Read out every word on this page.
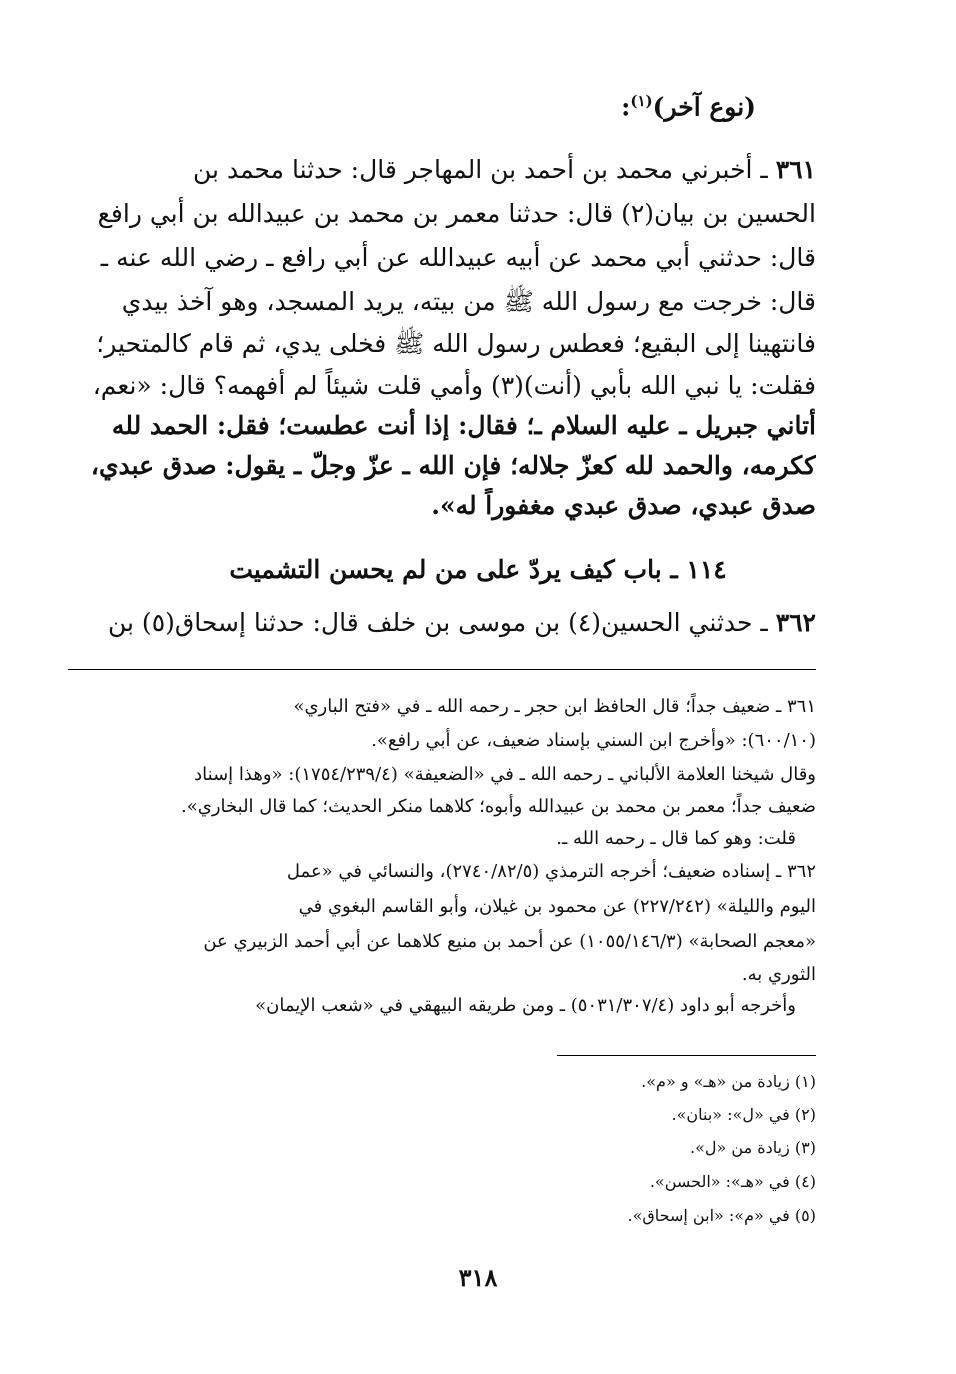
(نوع آخر)$^{(١)}$:
٣٦١ ـ أخبرني محمد بن أحمد بن المهاجر قال: حدثنا محمد بن
الحسين بن بيان(٢) قال: حدثنا معمر بن محمد بن عبيدالله بن أبي رافع
قال: حدثني أبي محمد عن أبيه عبيدالله عن أبي رافع ـ رضي الله عنه ـ
قال: خرجت مع رسول الله ﷺ من بيته، يريد المسجد، وهو آخذ بيدي
فانتهينا إلى البقيع؛ فعطس رسول الله ﷺ فخلى يدي، ثم قام كالمتحير؛
فقلت: يا نبي الله بأبي (أنت)(٣) وأمي قلت شيئاً لم أفهمه؟ قال: «نعم،
أتاني جبريل ـ عليه السلام ـ؛ فقال: إذا أنت عطست؛ فقل: الحمد لله
ككرمه، والحمد لله كعزّ جلاله؛ فإن الله ـ عزّ وجلّ ـ يقول: صدق عبدي،
صدق عبدي، صدق عبدي مغفوراً له».
١١٤ ـ باب كيف يردّ على من لم يحسن التشميت
٣٦٢ ـ حدثني الحسين(٤) بن موسى بن خلف قال: حدثنا إسحاق(٥) بن
٣٦١ ـ ضعيف جداً؛ قال الحافظ ابن حجر ـ رحمه الله ـ في «فتح الباري»
(٦٠٠/١٠): «وأخرج ابن السني بإسناد ضعيف، عن أبي رافع».
وقال شيخنا العلامة الألباني ـ رحمه الله ـ في «الضعيفة» (١٧٥٤/٢٣٩/٤): «وهذا إسناد
ضعيف جداً؛ معمر بن محمد بن عبيدالله وأبوه؛ كلاهما منكر الحديث؛ كما قال البخاري».
قلت: وهو كما قال ـ رحمه الله ـ.
٣٦٢ ـ إسناده ضعيف؛ أخرجه الترمذي (٢٧٤٠/٨٢/٥)، والنسائي في «عمل
اليوم والليلة» (٢٢٧/٢٤٢) عن محمود بن غيلان، وأبو القاسم البغوي في
«معجم الصحابة» (١٠٥٥/١٤٦/٣) عن أحمد بن منيع كلاهما عن أبي أحمد الزبيري عن
الثوري به.
وأخرجه أبو داود (٥٠٣١/٣٠٧/٤) ـ ومن طريقه البيهقي في «شعب الإيمان»
(١) زيادة من «هـ» و «م».
(٢) في «ل»: «بنان».
(٣) زيادة من «ل».
(٤) في «هـ»: «الحسن».
(٥) في «م»: «ابن إسحاق».
٣١٨
